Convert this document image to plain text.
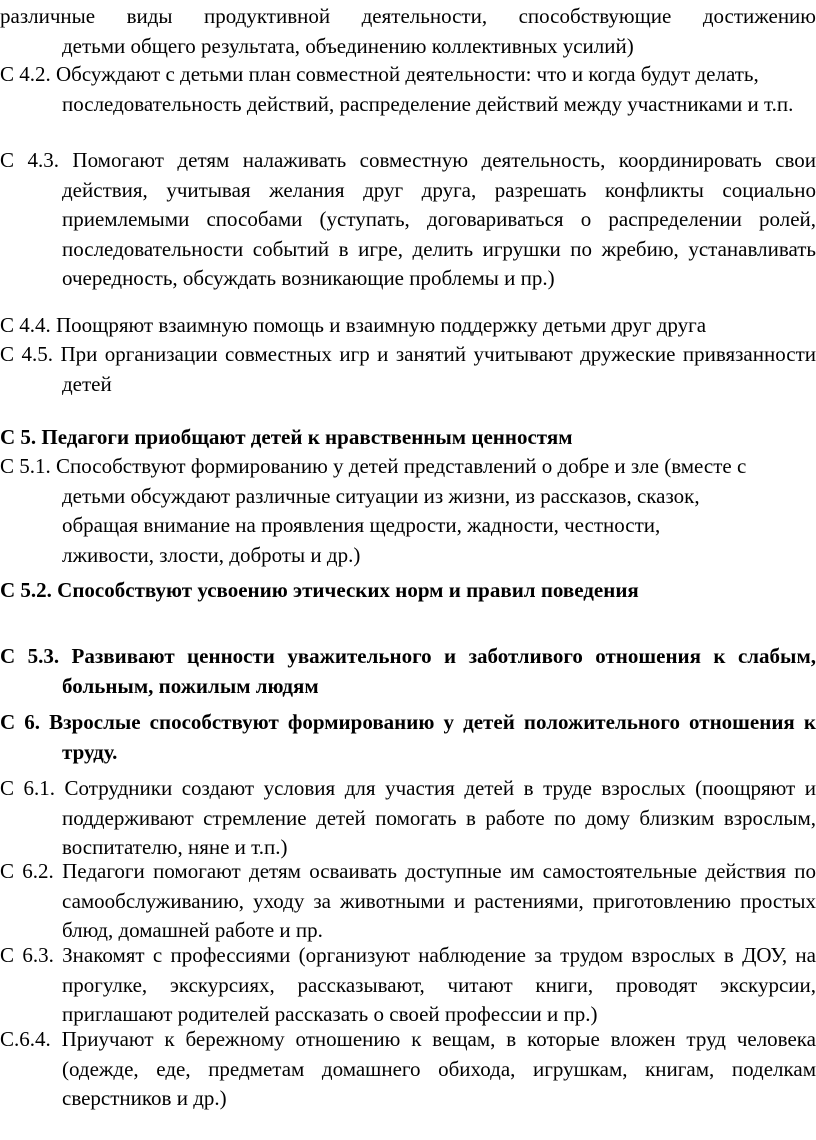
различные виды продуктивной деятельности, способствующие достижению
детьми общего результата, объединению коллективных усилий)
С 4.2. Обсуждают с детьми план совместной деятельности: что и когда будут делать, последовательность действий, распределение действий между участниками и т.п.
С 4.3. Помогают детям налаживать совместную деятельность, координировать свои действия, учитывая желания друг друга, разрешать конфликты социально приемлемыми способами (уступать, договариваться о распределении ролей, последовательности событий в игре, делить игрушки по жребию, устанавливать очередность, обсуждать возникающие проблемы и пр.)
С 4.4. Поощряют взаимную помощь и взаимную поддержку детьми друг друга
С 4.5. При организации совместных игр и занятий учитывают дружеские привязанности детей
С 5. Педагоги приобщают детей к нравственным ценностям
С 5.1. Способствуют формированию у детей представлений о добре и зле (вместе с детьми обсуждают различные ситуации из жизни, из рассказов, сказок, обращая внимание на проявления щедрости, жадности, честности, лживости, злости, доброты и др.)
С 5.2. Способствуют усвоению этических норм и правил поведения
С 5.3. Развивают ценности уважительного и заботливого отношения к слабым, больным, пожилым людям
С 6. Взрослые способствуют формированию у детей положительного отношения к труду.
С 6.1. Сотрудники создают условия для участия детей в труде взрослых (поощряют и поддерживают стремление детей помогать в работе по дому близким взрослым, воспитателю, няне и т.п.)
С 6.2. Педагоги помогают детям осваивать доступные им самостоятельные действия по самообслуживанию, уходу за животными и растениями, приготовлению простых блюд, домашней работе и пр.
С 6.3. Знакомят с профессиями (организуют наблюдение за трудом взрослых в ДОУ, на прогулке, экскурсиях, рассказывают, читают книги, проводят экскурсии, приглашают родителей рассказать о своей профессии и пр.)
С.6.4. Приучают к бережному отношению к вещам, в которые вложен труд человека (одежде, еде, предметам домашнего обихода, игрушкам, книгам, поделкам сверстников и др.)
